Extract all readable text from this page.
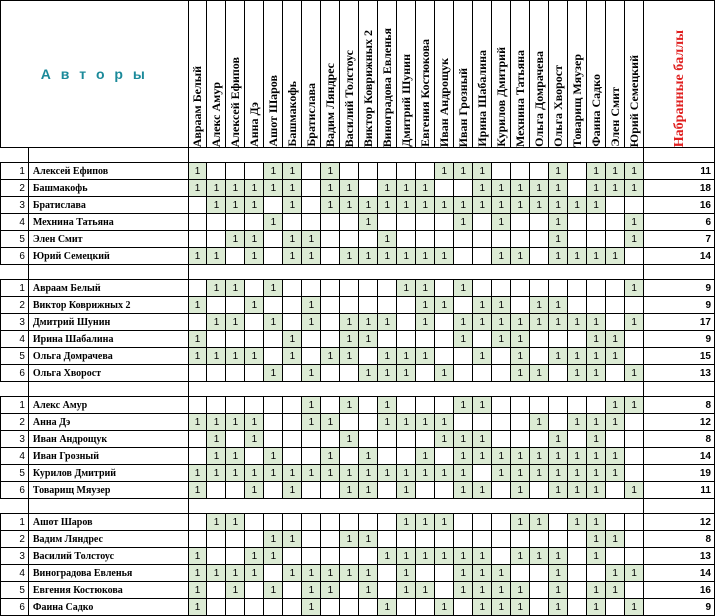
А в т о р ы		Авраам Белый	Алекс Амур	Алексей Ефипов	Анна Дэ	Ашот Шаров	Башмакофь	Братислава	Вадим Ляндрес	Василий Толстоус	Виктор Коврижных 2	Виноградова Евленья	Дмитрий Шунин	Евгения Костюкова	Иван Андрощук	Иван Грозный	Ирина Шабалина	Курилов Дмитрий	Мехнина Татьяна	Ольга Домрачева	Ольга Хворост	Товарищ Мяузер	Фаина Садко	Элен Смит	Юрий Семецкий	Набранные баллы

1	Алексей Ефипов	1				1	1		1						1	1	1				1		1	1	1	11
2	Башмакофь	1	1	1	1	1	1		1	1		1	1	1			1	1	1	1	1		1	1	1	18
3	Братислава		1	1	1		1		1	1	1	1	1	1	1	1	1	1	1	1	1	1	1			16
4	Мехнина Татьяна					1					1					1		1			1				1	6
5	Элен Смит			1	1		1	1				1									1				1	7
6	Юрий Семецкий	1	1		1		1	1		1	1	1	1	1	1			1	1		1	1	1	1		14

1	Авраам Белый		1	1		1							1	1		1									1	9
2	Виктор Коврижных 2	1			1			1						1	1		1	1		1	1					9
3	Дмитрий Шунин		1	1		1		1		1	1	1		1		1	1	1	1	1	1	1	1		1	17
4	Ирина Шабалина	1					1			1	1					1		1	1				1	1		9
5	Ольга Домрачева	1	1	1	1		1		1	1		1	1	1			1		1		1	1	1	1		15
6	Ольга Хворост					1		1			1	1	1		1				1	1		1	1		1	13

1	Алекс Амур							1		1		1				1	1							1	1	8
2	Анна Дэ	1	1	1	1			1	1			1	1	1	1					1		1	1	1		12
3	Иван Андрощук		1		1					1					1	1	1				1		1			8
4	Иван Грозный		1	1		1			1		1			1		1	1	1	1	1	1	1	1	1		14
5	Курилов Дмитрий	1	1	1	1	1	1	1	1	1	1	1	1	1	1	1		1	1	1	1	1	1	1		19
6	Товарищ Мяузер	1			1		1			1	1		1			1	1		1		1	1	1		1	11

1	Ашот Шаров		1	1									1	1	1				1	1		1	1			12
2	Вадим Ляндрес					1	1			1	1												1	1		8
3	Василий Толстоус	1			1	1						1	1	1	1	1	1		1	1	1		1			13
4	Виноградова Евленья	1	1	1	1		1	1	1	1	1		1			1	1	1			1			1	1	14
5	Евгения Костюкова	1		1		1		1	1		1		1	1		1	1	1	1		1		1	1		16
6	Фаина Садко	1						1				1			1		1	1	1		1		1		1	9
